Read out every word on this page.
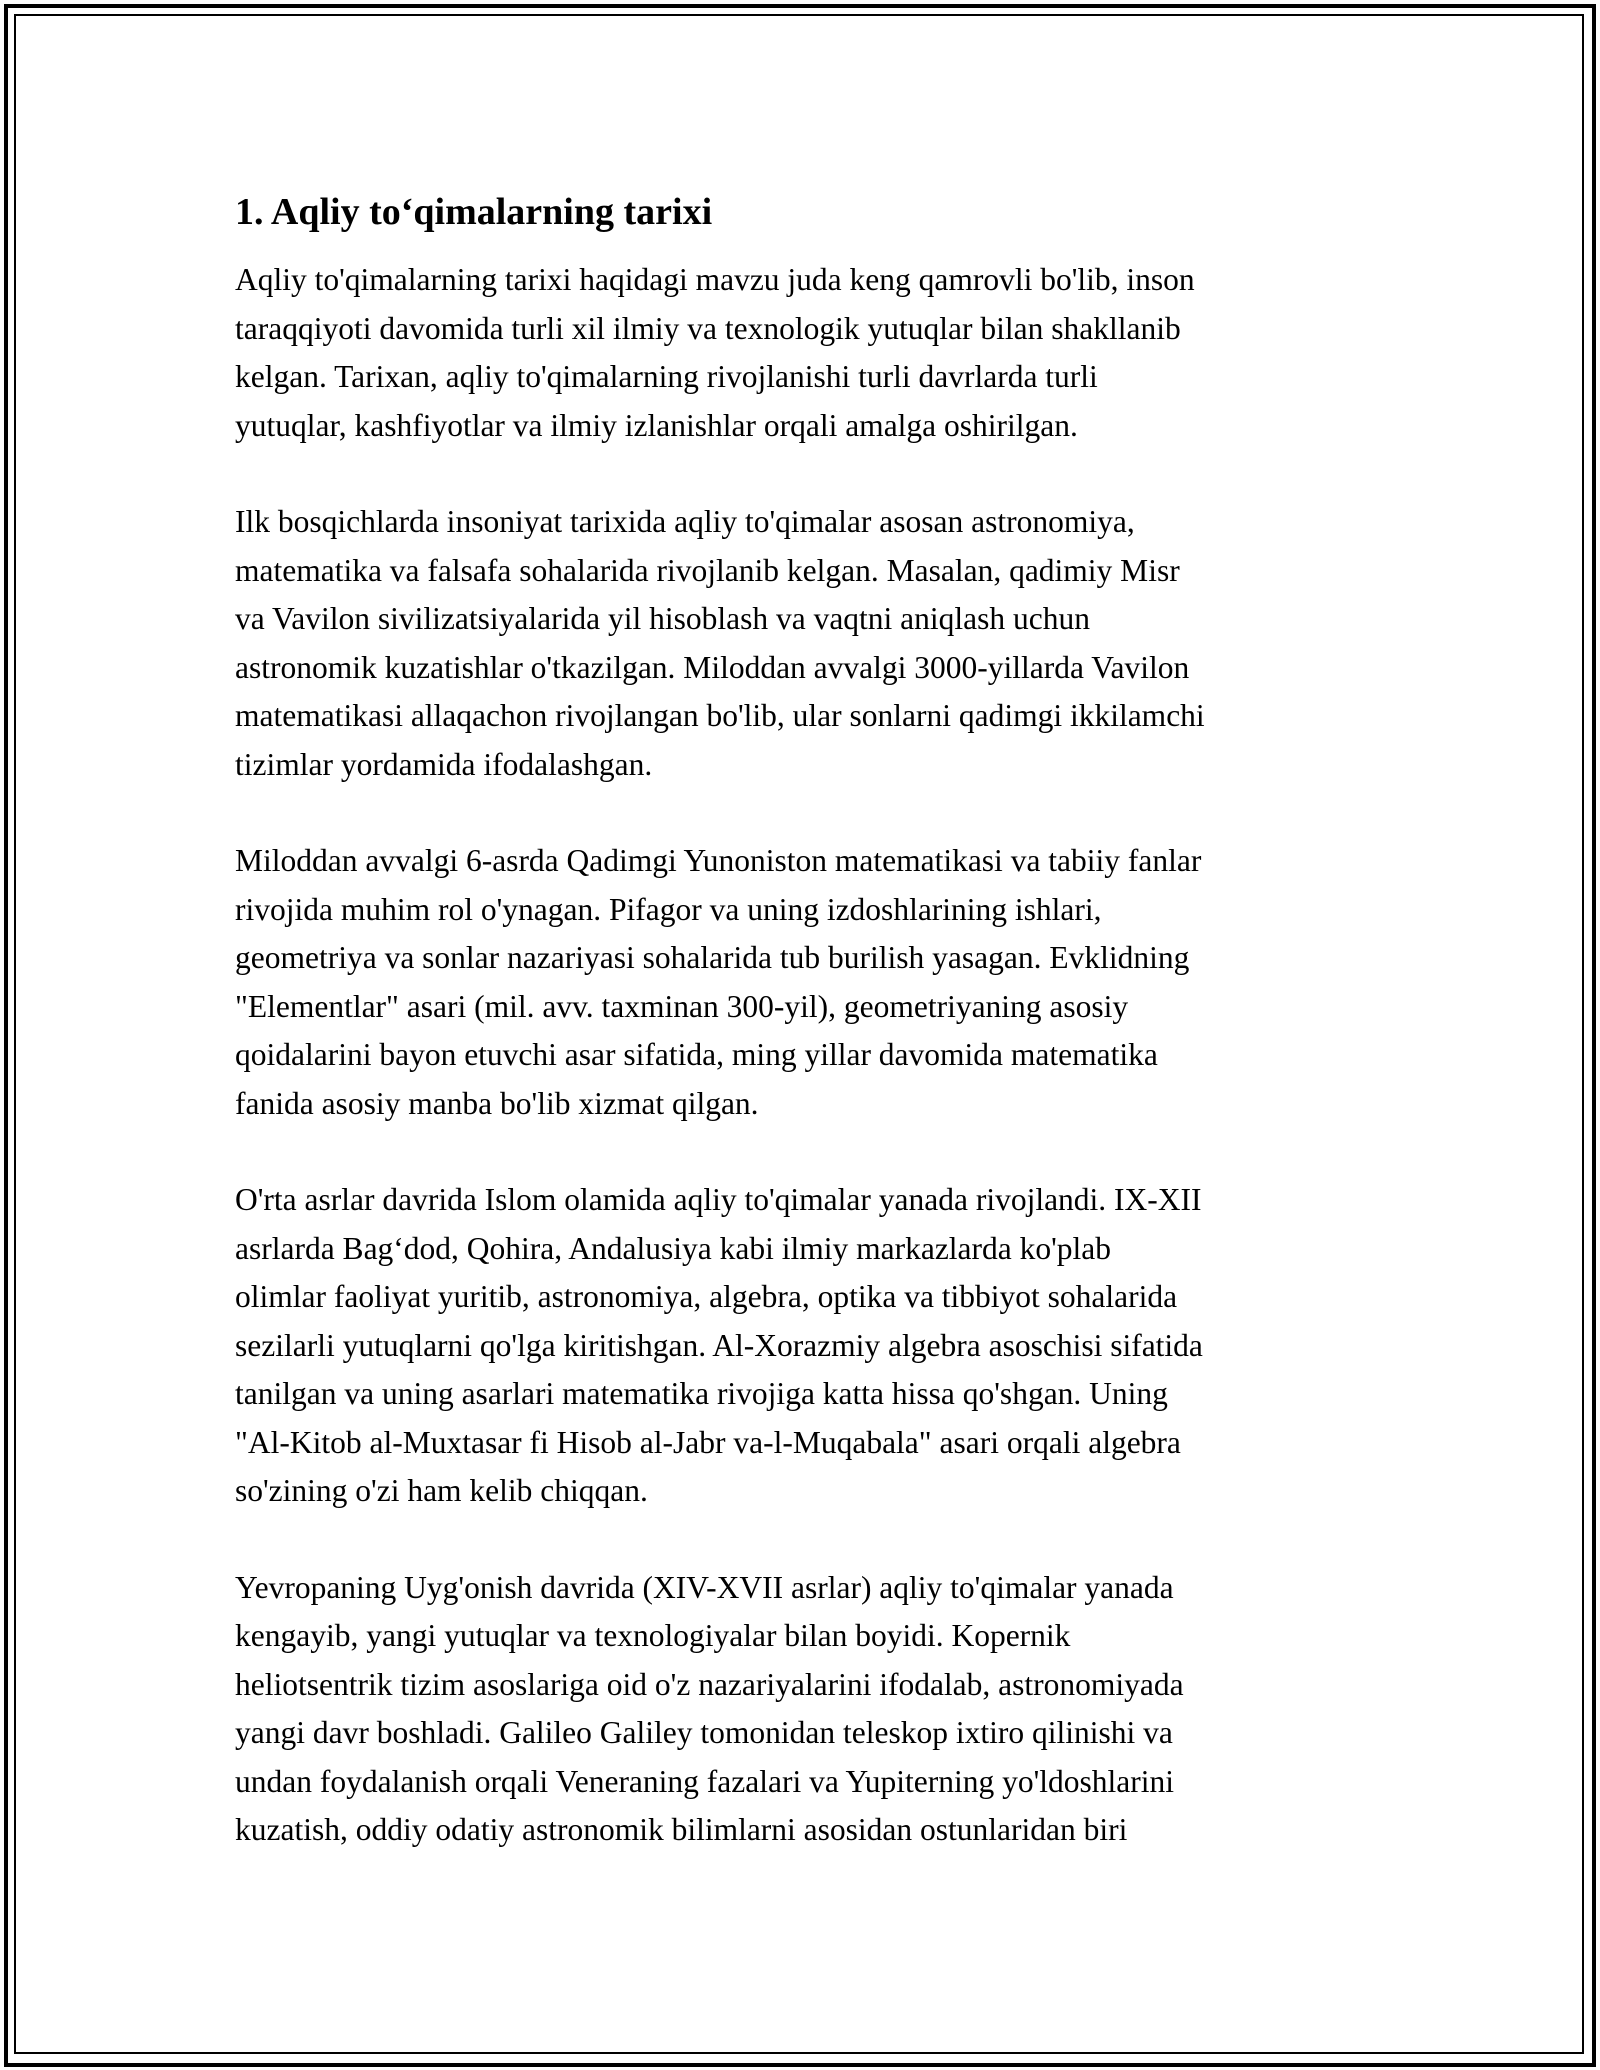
1. Aqliy to‘qimalarning tarixi

Aqliy to'qimalarning tarixi haqidagi mavzu juda keng qamrovli bo'lib, inson
taraqqiyoti davomida turli xil ilmiy va texnologik yutuqlar bilan shakllanib
kelgan. Tarixan, aqliy to'qimalarning rivojlanishi turli davrlarda turli
yutuqlar, kashfiyotlar va ilmiy izlanishlar orqali amalga oshirilgan.

Ilk bosqichlarda insoniyat tarixida aqliy to'qimalar asosan astronomiya,
matematika va falsafa sohalarida rivojlanib kelgan. Masalan, qadimiy Misr
va Vavilon sivilizatsiyalarida yil hisoblash va vaqtni aniqlash uchun
astronomik kuzatishlar o'tkazilgan. Miloddan avvalgi 3000-yillarda Vavilon
matematikasi allaqachon rivojlangan bo'lib, ular sonlarni qadimgi ikkilamchi
tizimlar yordamida ifodalashgan.

Miloddan avvalgi 6-asrda Qadimgi Yunoniston matematikasi va tabiiy fanlar
rivojida muhim rol o'ynagan. Pifagor va uning izdoshlarining ishlari,
geometriya va sonlar nazariyasi sohalarida tub burilish yasagan. Evklidning
"Elementlar" asari (mil. avv. taxminan 300-yil), geometriyaning asosiy
qoidalarini bayon etuvchi asar sifatida, ming yillar davomida matematika
fanida asosiy manba bo'lib xizmat qilgan.

O'rta asrlar davrida Islom olamida aqliy to'qimalar yanada rivojlandi. IX-XII
asrlarda Bag‘dod, Qohira, Andalusiya kabi ilmiy markazlarda ko'plab
olimlar faoliyat yuritib, astronomiya, algebra, optika va tibbiyot sohalarida
sezilarli yutuqlarni qo'lga kiritishgan. Al-Xorazmiy algebra asoschisi sifatida
tanilgan va uning asarlari matematika rivojiga katta hissa qo'shgan. Uning
"Al-Kitob al-Muxtasar fi Hisob al-Jabr va-l-Muqabala" asari orqali algebra
so'zining o'zi ham kelib chiqqan.

Yevropaning Uyg'onish davrida (XIV-XVII asrlar) aqliy to'qimalar yanada
kengayib, yangi yutuqlar va texnologiyalar bilan boyidi. Kopernik
heliotsentrik tizim asoslariga oid o'z nazariyalarini ifodalab, astronomiyada
yangi davr boshladi. Galileo Galiley tomonidan teleskop ixtiro qilinishi va
undan foydalanish orqali Veneraning fazalari va Yupiterning yo'ldoshlarini
kuzatish, oddiy odatiy astronomik bilimlarni asosidan ostunlaridan biri
